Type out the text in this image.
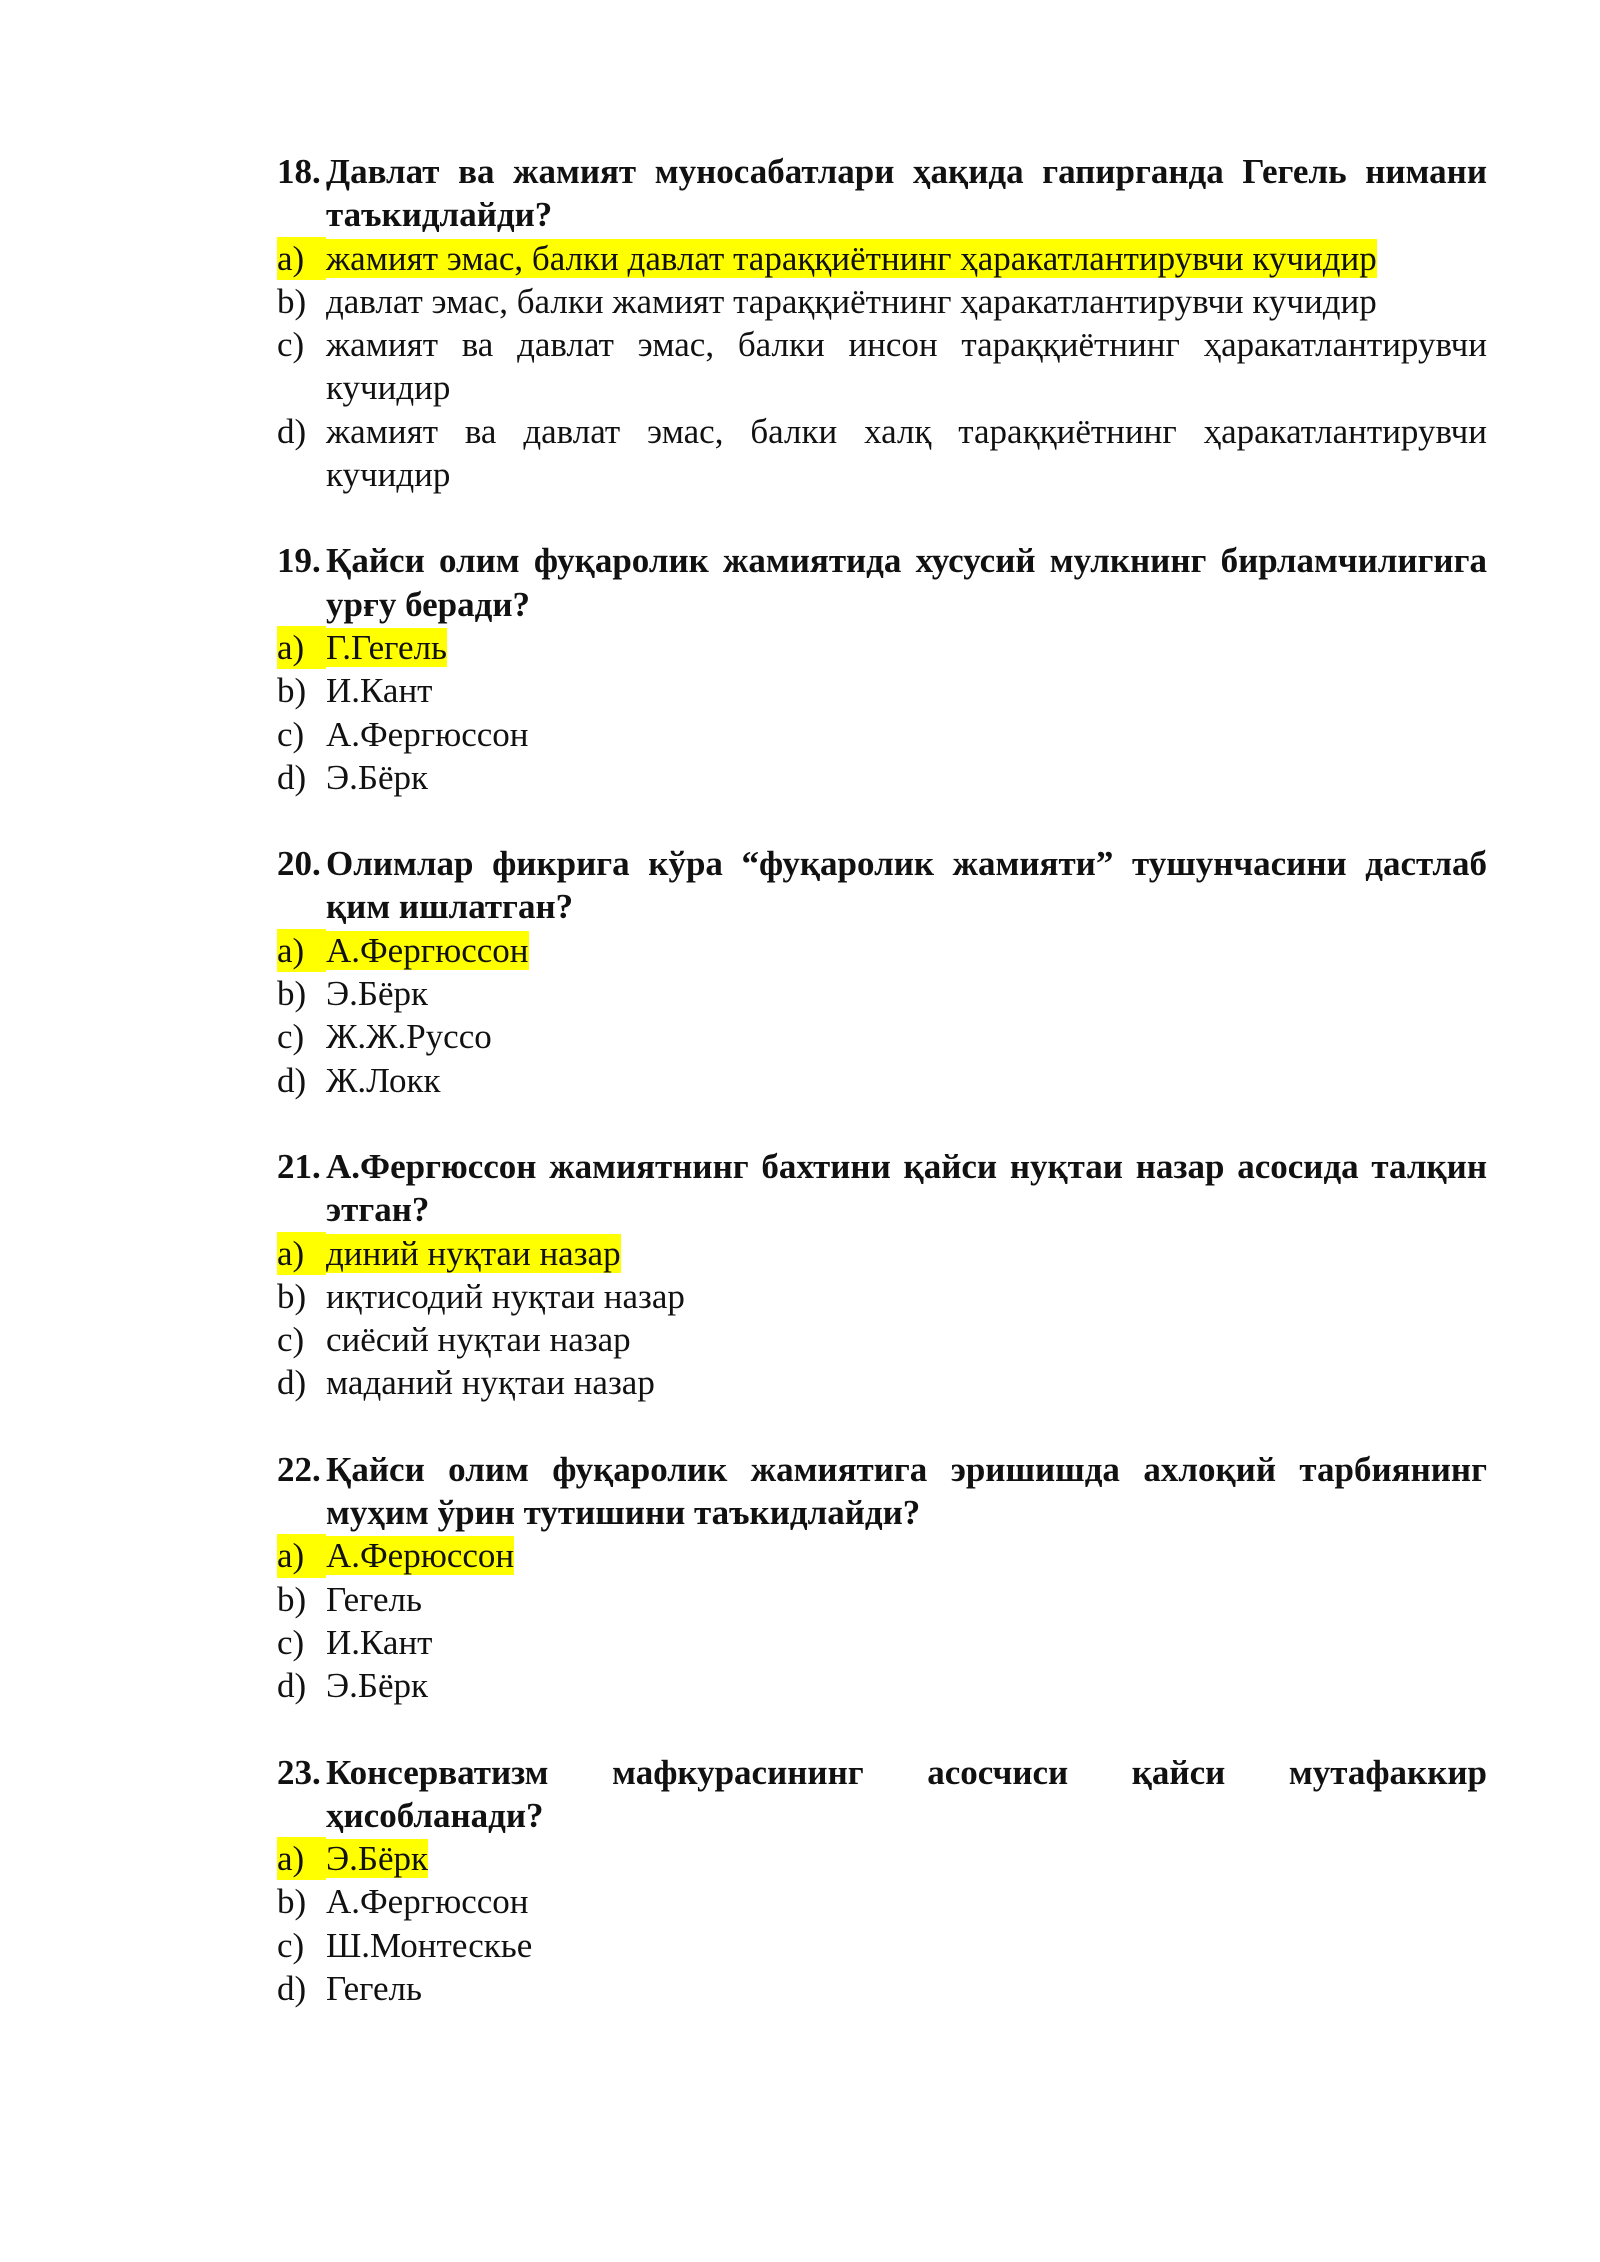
18. Давлат ва жамият муносабатлари ҳақида гапирганда Гегель нимани таъкидлайди?
a) жамият эмас, балки давлат тараққиётнинг ҳаракатлантирувчи кучидир
b) давлат эмас, балки жамият тараққиётнинг ҳаракатлантирувчи кучидир
c) жамият ва давлат эмас, балки инсон тараққиётнинг ҳаракатлантирувчи кучидир
d) жамият ва давлат эмас, балки халқ тараққиётнинг ҳаракатлантирувчи кучидир
19. Қайси олим фуқаролик жамиятида хусусий мулкнинг бирламчилигига урғу беради?
a) Г.Гегель
b) И.Кант
c) А.Фергюссон
d) Э.Бёрк
20. Олимлар фикрига кўра “фуқаролик жамияти” тушунчасини дастлаб қим ишлатган?
a) А.Фергюссон
b) Э.Бёрк
c) Ж.Ж.Руссо
d) Ж.Локк
21. А.Фергюссон жамиятнинг бахтини қайси нуқтаи назар асосида талқин этган?
a) диний нуқтаи назар
b) иқтисодий нуқтаи назар
c) сиёсий нуқтаи назар
d) маданий нуқтаи назар
22. Қайси олим фуқаролик жамиятига эришишда ахлоқий тарбиянинг муҳим ўрин тутишини таъкидлайди?
a) А.Ферюссон
b) Гегель
c) И.Кант
d) Э.Бёрк
23. Консерватизм мафкурасининг асосчиси қайси мутафаккир ҳисобланади?
a) Э.Бёрк
b) А.Фергюссон
c) Ш.Монтескье
d) Гегель
